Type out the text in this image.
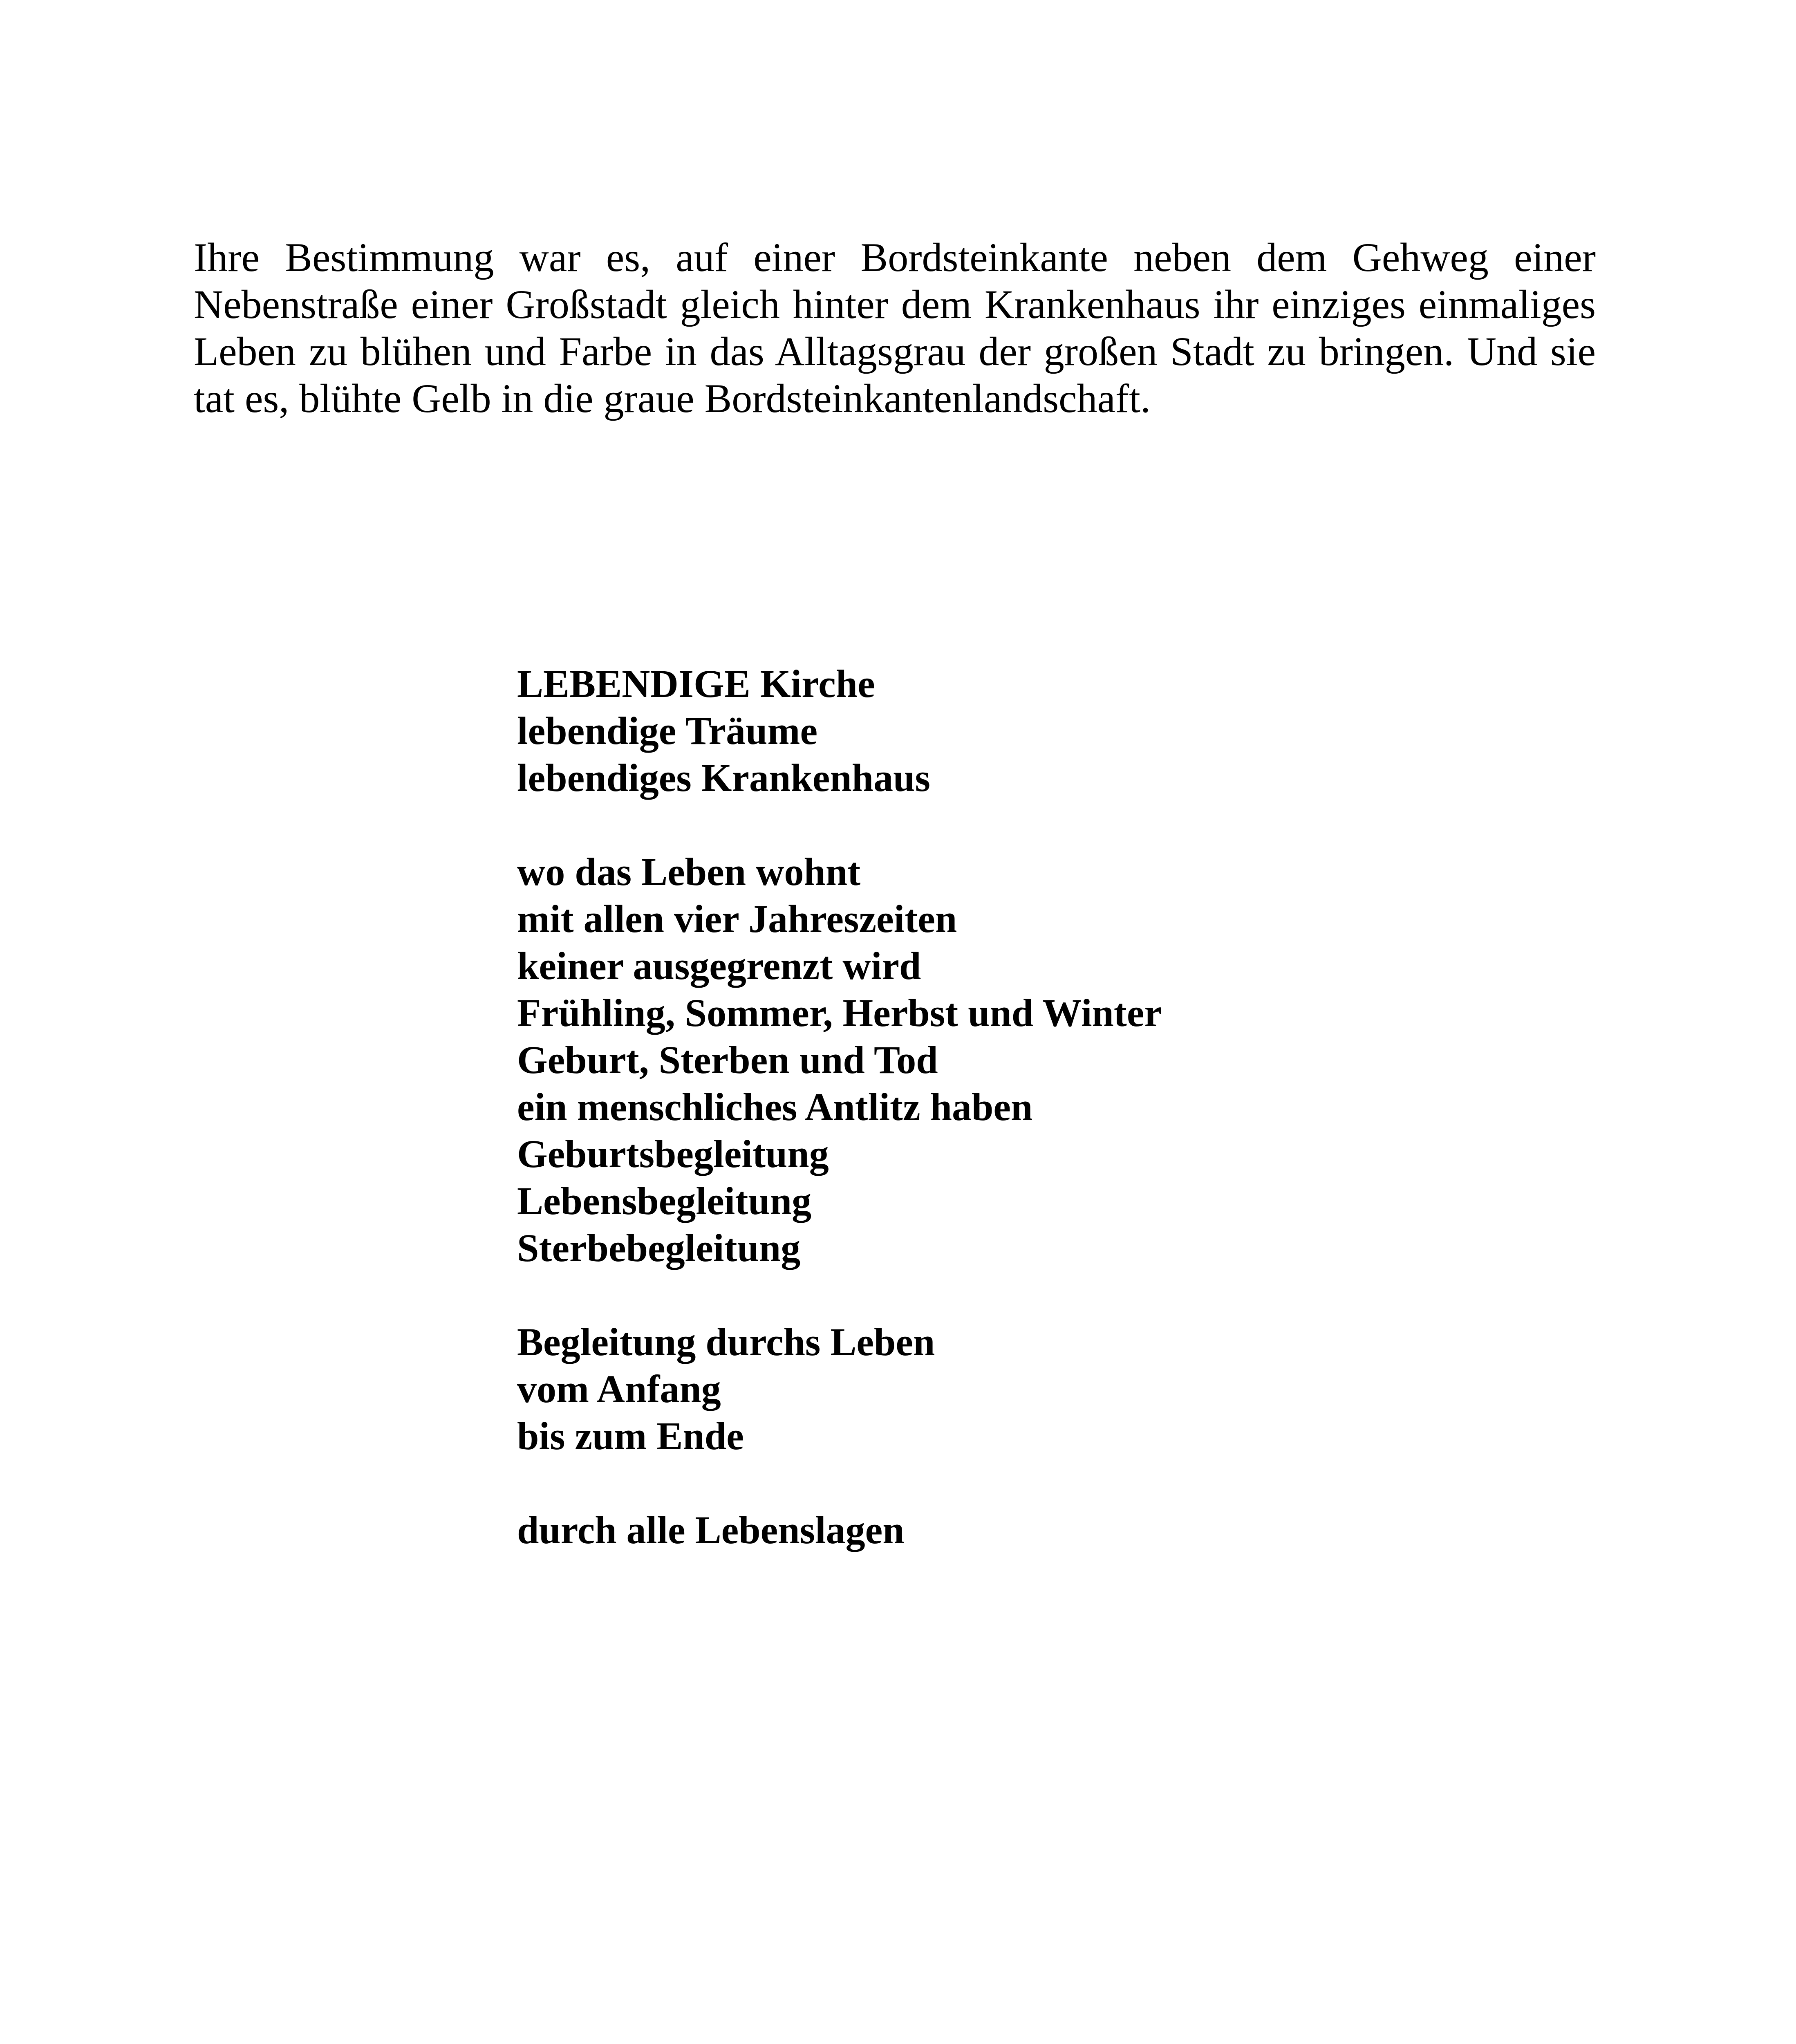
Ihre Bestimmung war es, auf einer Bordsteinkante neben dem Gehweg einer Nebenstraße einer Großstadt gleich hinter dem Krankenhaus ihr einziges einmaliges Leben zu blühen und Farbe in das Alltagsgrau der großen Stadt zu bringen. Und sie tat es, blühte Gelb in die graue Bordsteinkantenlandschaft.

LEBENDIGE Kirche
lebendige Träume
lebendiges Krankenhaus
wo das Leben wohnt
mit allen vier Jahreszeiten
keiner ausgegrenzt wird
Frühling, Sommer, Herbst und Winter
Geburt, Sterben und Tod
ein menschliches Antlitz haben
Geburtsbegleitung
Lebensbegleitung
Sterbebegleitung
Begleitung durchs Leben
vom Anfang
bis zum Ende
durch alle Lebenslagen
